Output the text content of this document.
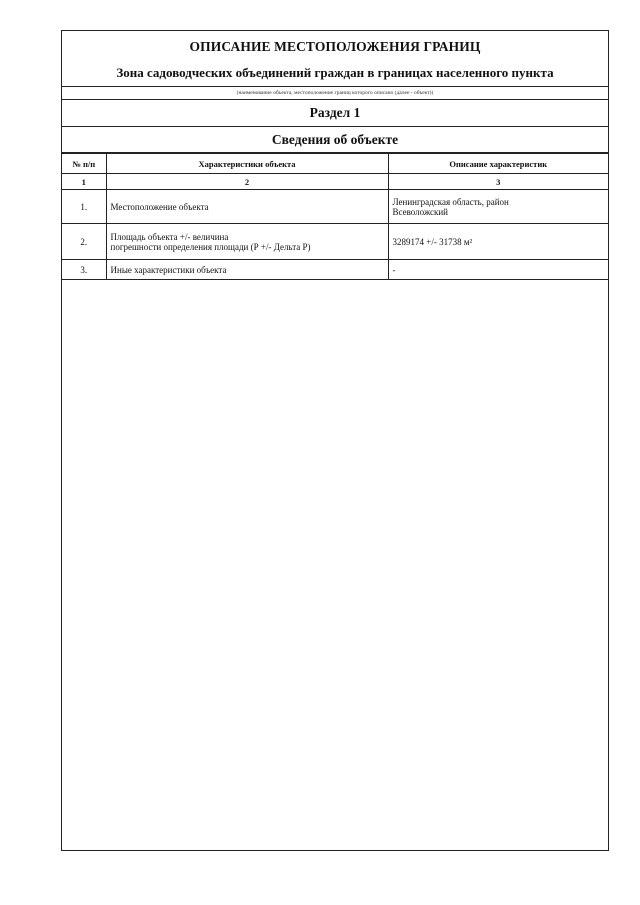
ОПИСАНИЕ МЕСТОПОЛОЖЕНИЯ ГРАНИЦ
Зона садоводческих объединений граждан в границах населенного пункта
(наименование объекта, местоположение границ которого описано (далее - объект))
Раздел 1
Сведения об объекте
№ п/п	Характеристики объекта	Описание характеристик
1	2	3
1.	Местоположение объекта	Ленинградская область, район
Всеволожский
2.	Площадь объекта +/- величина
погрешности определения площади (Р +/- Дельта Р)	3289174 +/- 31738 м²
3.	Иные характеристики объекта	-
